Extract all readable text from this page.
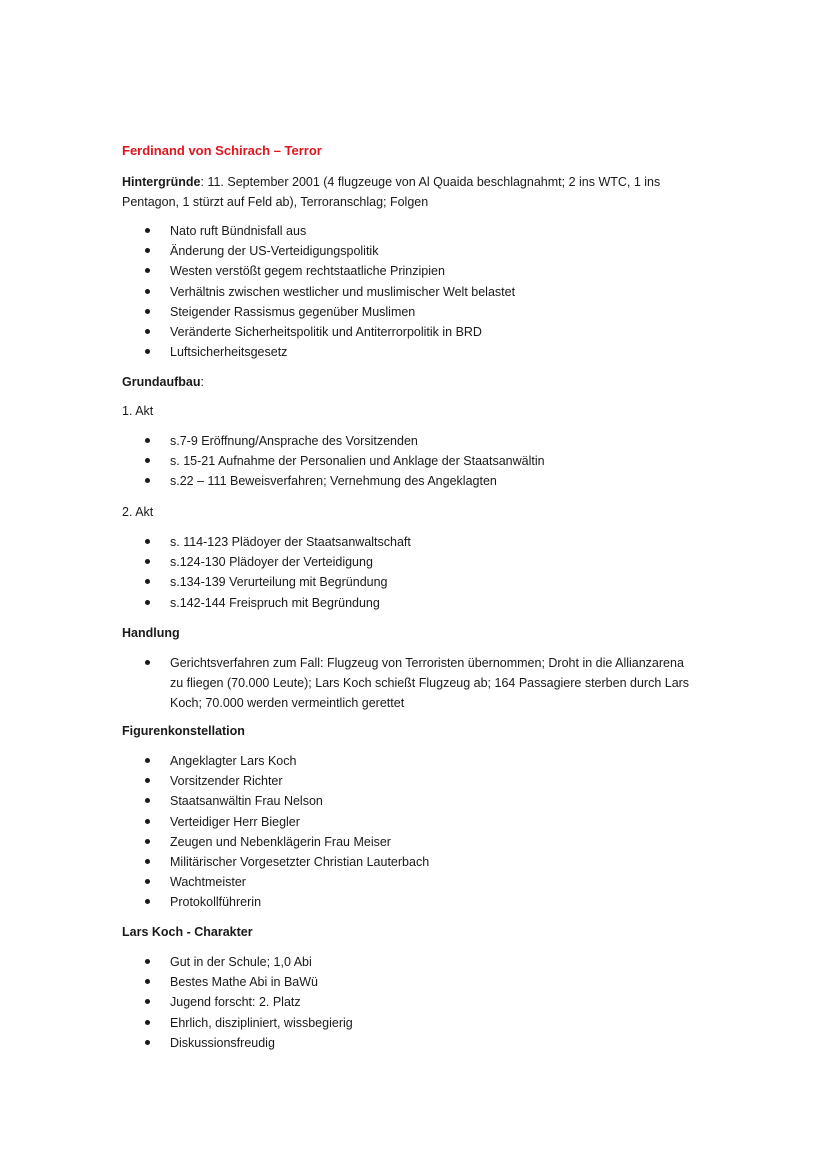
Ferdinand von Schirach – Terror
Hintergründe: 11. September 2001 (4 flugzeuge von Al Quaida beschlagnahmt; 2 ins WTC, 1 ins
Pentagon, 1 stürzt auf Feld ab), Terroranschlag; Folgen
Nato ruft Bündnisfall aus
Änderung der US-Verteidigungspolitik
Westen verstößt gegem rechtstaatliche Prinzipien
Verhältnis zwischen westlicher und muslimischer Welt belastet
Steigender Rassismus gegenüber Muslimen
Veränderte Sicherheitspolitik und Antiterrorpolitik in BRD
Luftsicherheitsgesetz
Grundaufbau:
1. Akt
s.7-9 Eröffnung/Ansprache des Vorsitzenden
s. 15-21 Aufnahme der Personalien und Anklage der Staatsanwältin
s.22 – 111 Beweisverfahren; Vernehmung des Angeklagten
2. Akt
s. 114-123 Plädoyer der Staatsanwaltschaft
s.124-130 Plädoyer der Verteidigung
s.134-139 Verurteilung mit Begründung
s.142-144 Freispruch mit Begründung
Handlung
Gerichtsverfahren zum Fall: Flugzeug von Terroristen übernommen; Droht in die Allianzarena
zu fliegen (70.000 Leute); Lars Koch schießt Flugzeug ab; 164 Passagiere sterben durch Lars
Koch; 70.000 werden vermeintlich gerettet
Figurenkonstellation
Angeklagter Lars Koch
Vorsitzender Richter
Staatsanwältin Frau Nelson
Verteidiger Herr Biegler
Zeugen und Nebenklägerin Frau Meiser
Militärischer Vorgesetzter Christian Lauterbach
Wachtmeister
Protokollführerin
Lars Koch - Charakter
Gut in der Schule; 1,0 Abi
Bestes Mathe Abi in BaWü
Jugend forscht: 2. Platz
Ehrlich, diszipliniert, wissbegierig
Diskussionsfreudig
